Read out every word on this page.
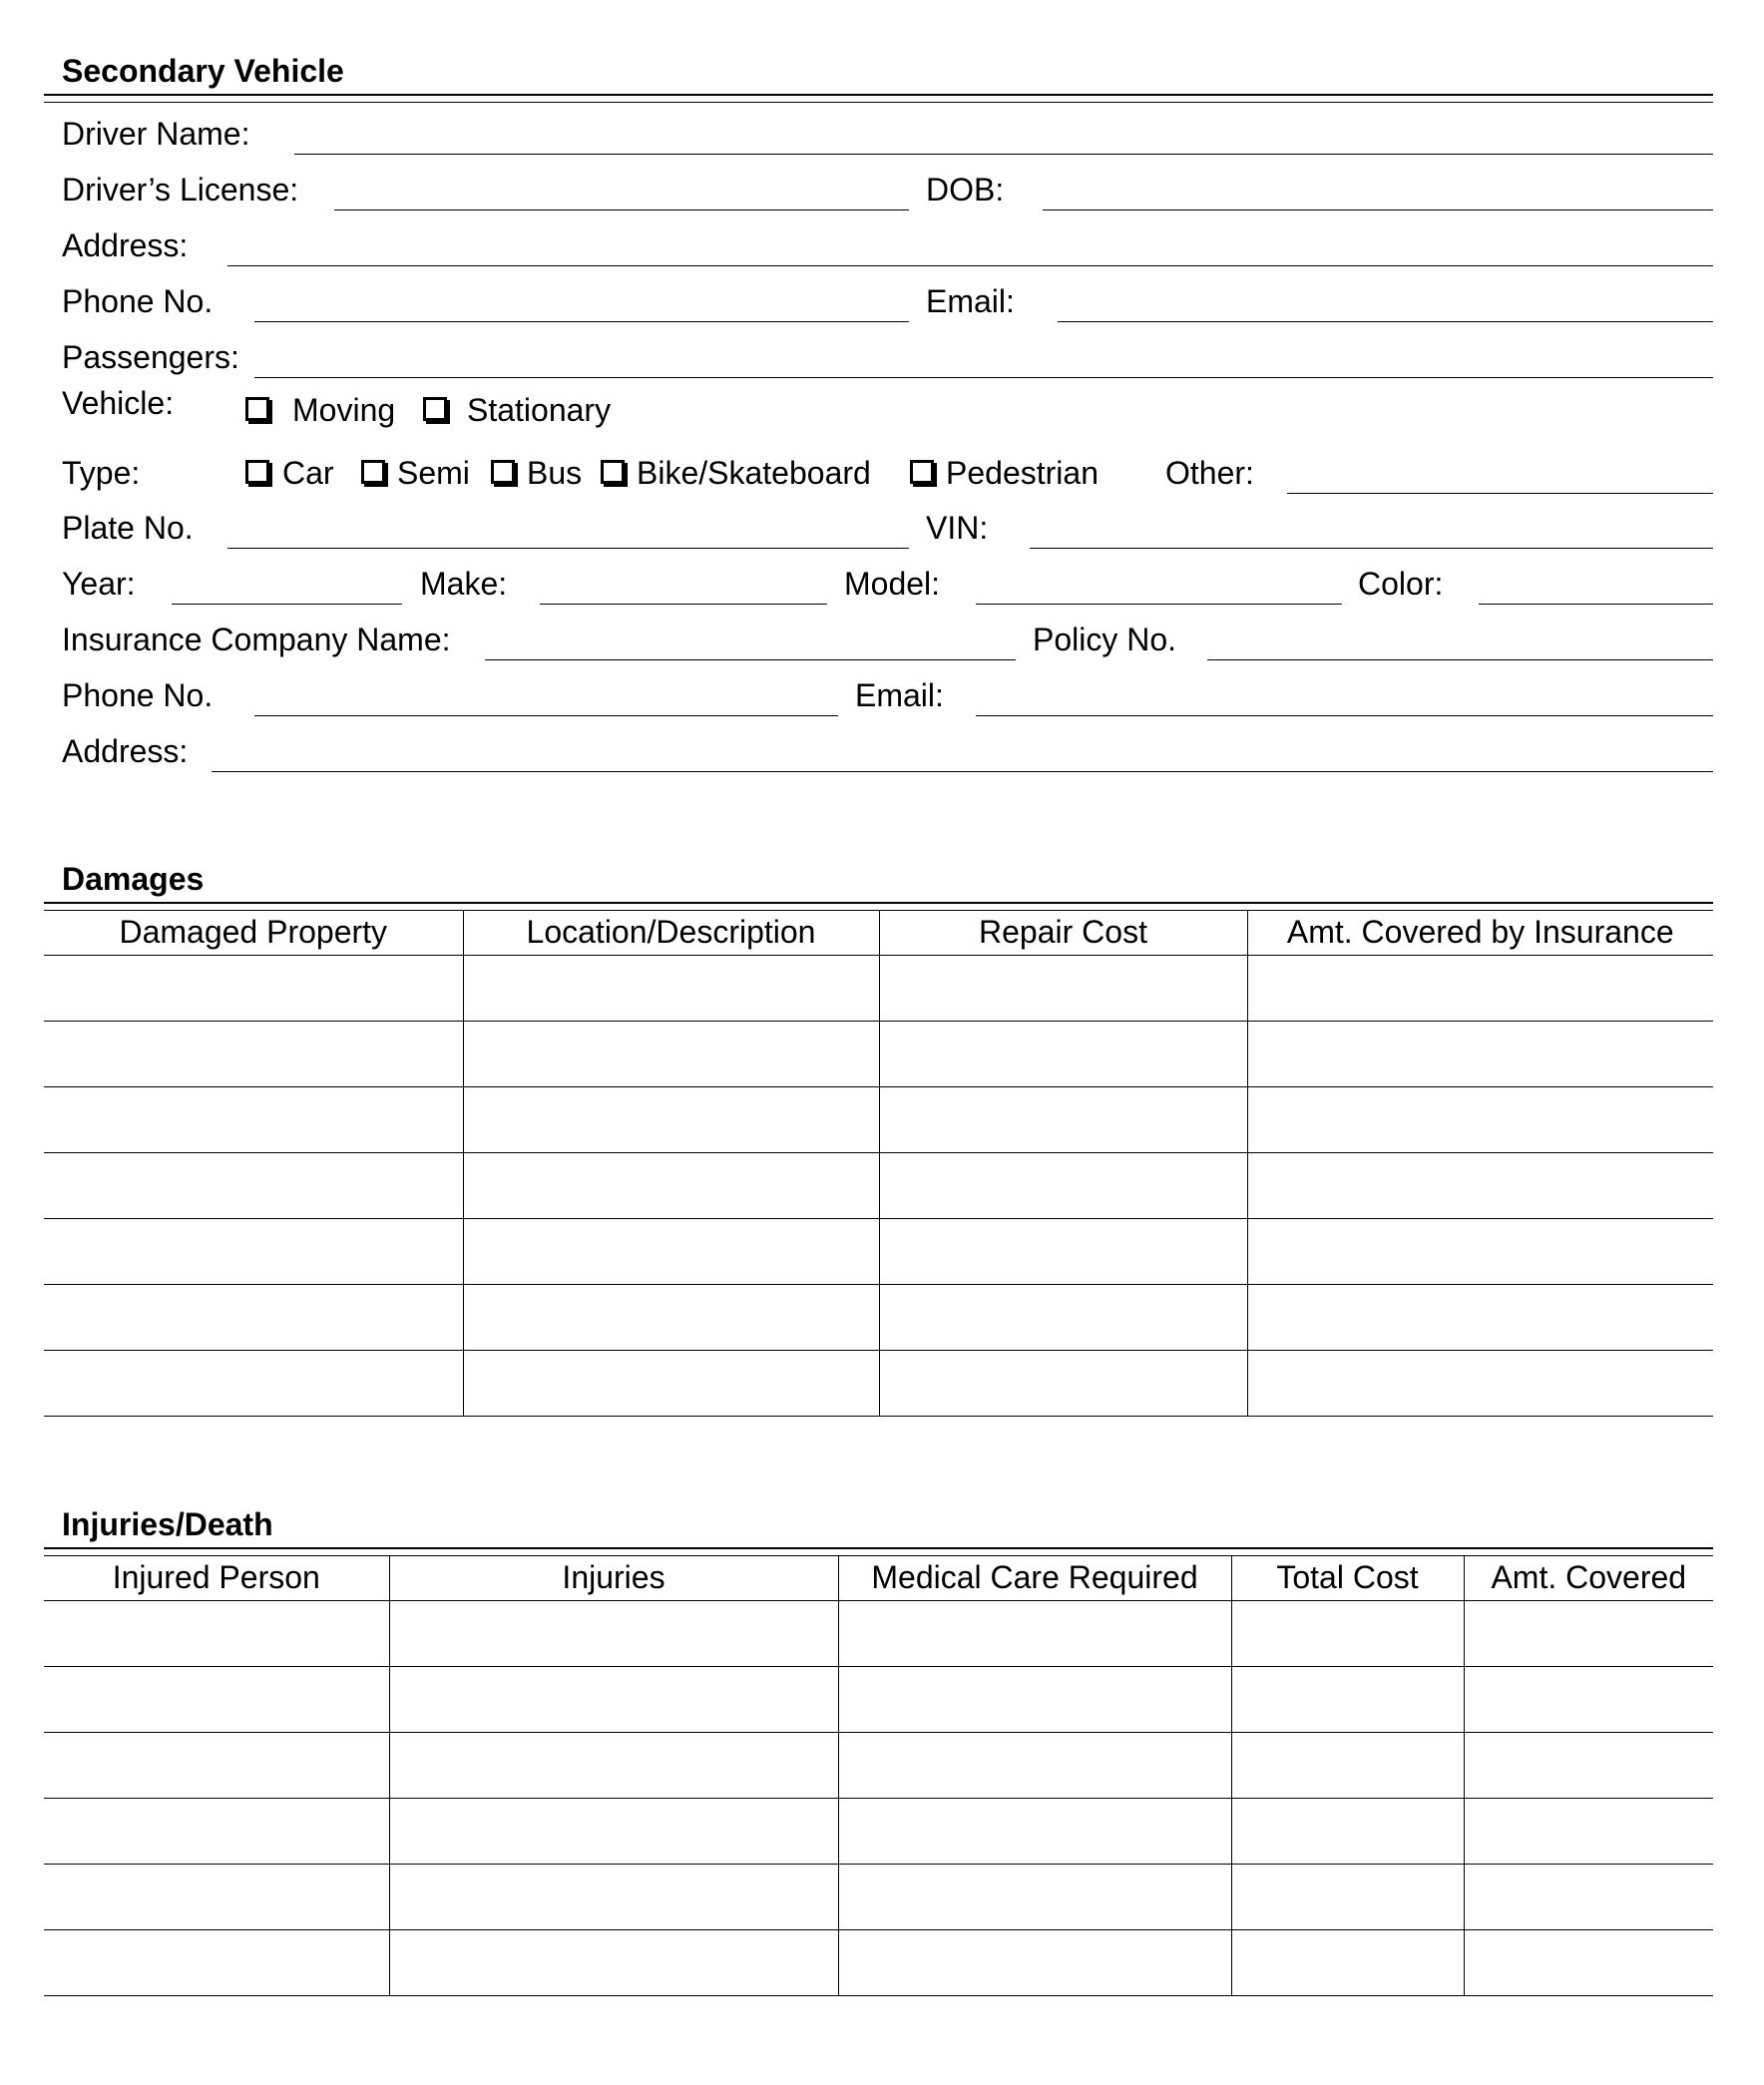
Secondary Vehicle
Driver Name:
Driver’s License:	DOB:
Address:
Phone No.	Email:
Passengers:
Vehicle:	Moving Stationary
Type:	Car Semi Bus Bike/Skateboard Pedestrian Other:
Plate No.	VIN:
Year:	Make:	Model:	Color:
Insurance Company Name:	Policy No.
Phone No.	Email:
Address:
Damages
Damaged Property	Location/Description	Repair Cost	Amt. Covered by Insurance

Injuries/Death
Injured Person	Injuries	Medical Care Required	Total Cost	Amt. Covered
